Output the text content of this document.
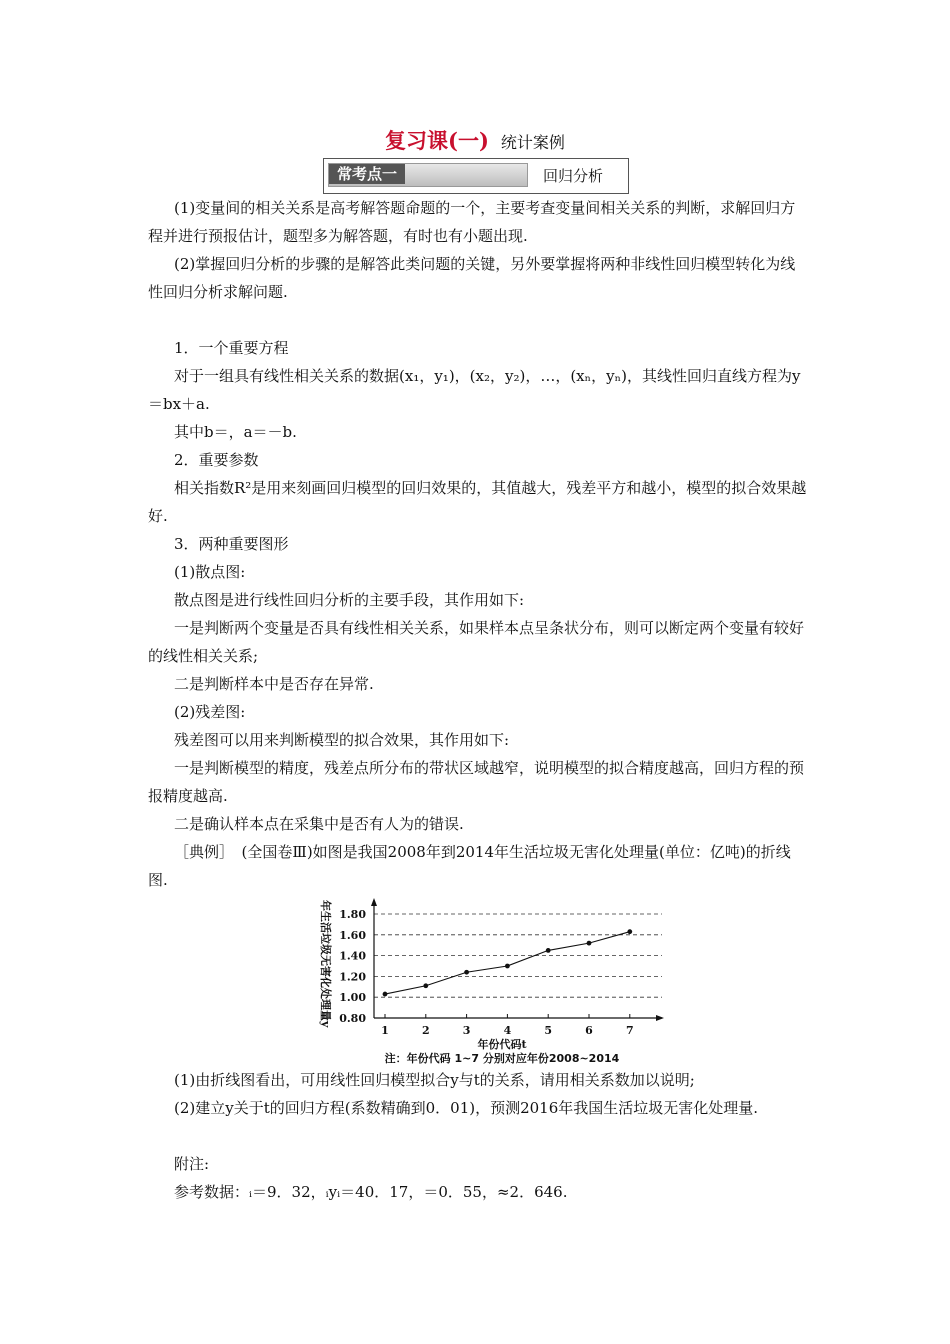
复习课(一) 统计案例
常考点一	回归分析
(1)变量间的相关关系是高考解答题命题的一个，主要考查变量间相关关系的判断，求解回归方程并进行预报估计，题型多为解答题，有时也有小题出现.
(2)掌握回归分析的步骤的是解答此类问题的关键，另外要掌握将两种非线性回归模型转化为线性回归分析求解问题.
1．一个重要方程
对于一组具有线性相关关系的数据(x₁，y₁)，(x₂，y₂)，…，(xₙ，yₙ)，其线性回归直线方程为y＝bx＋a.
其中b＝，a＝－b.
2．重要参数
相关指数R²是用来刻画回归模型的回归效果的，其值越大，残差平方和越小，模型的拟合效果越好.
3．两种重要图形
(1)散点图:
散点图是进行线性回归分析的主要手段，其作用如下:
一是判断两个变量是否具有线性相关关系，如果样本点呈条状分布，则可以断定两个变量有较好的线性相关关系;
二是判断样本中是否存在异常.
(2)残差图:
残差图可以用来判断模型的拟合效果，其作用如下:
一是判断模型的精度，残差点所分布的带状区域越窄，说明模型的拟合精度越高，回归方程的预报精度越高.
二是确认样本点在采集中是否有人为的错误.
［典例］　(全国卷Ⅲ)如图是我国2008年到2014年生活垃圾无害化处理量(单位：亿吨)的折线图.
0.80
1.00
1.20
1.40
1.60
1.80
1	2	3	4	5	6	7
年生活垃圾无害化处理量y
年份代码t
注：年份代码 1~7 分别对应年份2008~2014
(1)由折线图看出，可用线性回归模型拟合y与t的关系，请用相关系数加以说明;
(2)建立y关于t的回归方程(系数精确到0．01)，预测2016年我国生活垃圾无害化处理量.
附注:
参考数据：ᵢ＝9．32，ᵢyᵢ＝40．17，＝0．55，≈2．646.
